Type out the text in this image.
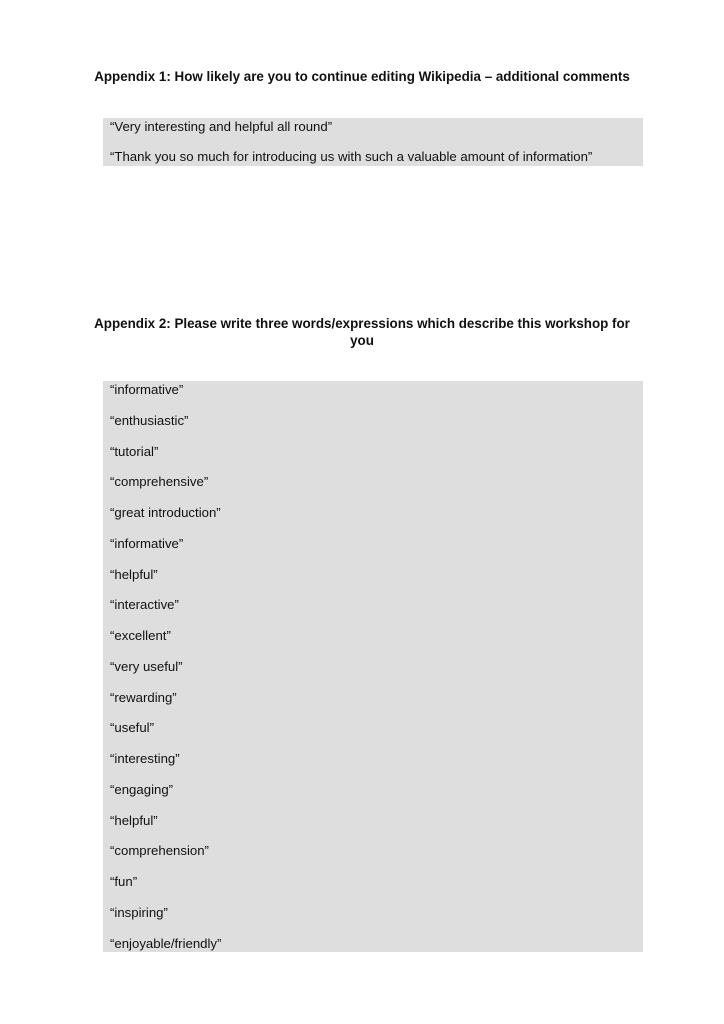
Appendix 1: How likely are you to continue editing Wikipedia – additional comments
“Very interesting and helpful all round”
“Thank you so much for introducing us with such a valuable amount of information”
Appendix 2: Please write three words/expressions which describe this workshop for you
“informative”
“enthusiastic”
“tutorial”
“comprehensive”
“great introduction”
“informative”
“helpful”
“interactive”
“excellent”
“very useful”
“rewarding”
“useful”
“interesting”
“engaging”
“helpful”
“comprehension”
“fun”
“inspiring”
“enjoyable/friendly”
